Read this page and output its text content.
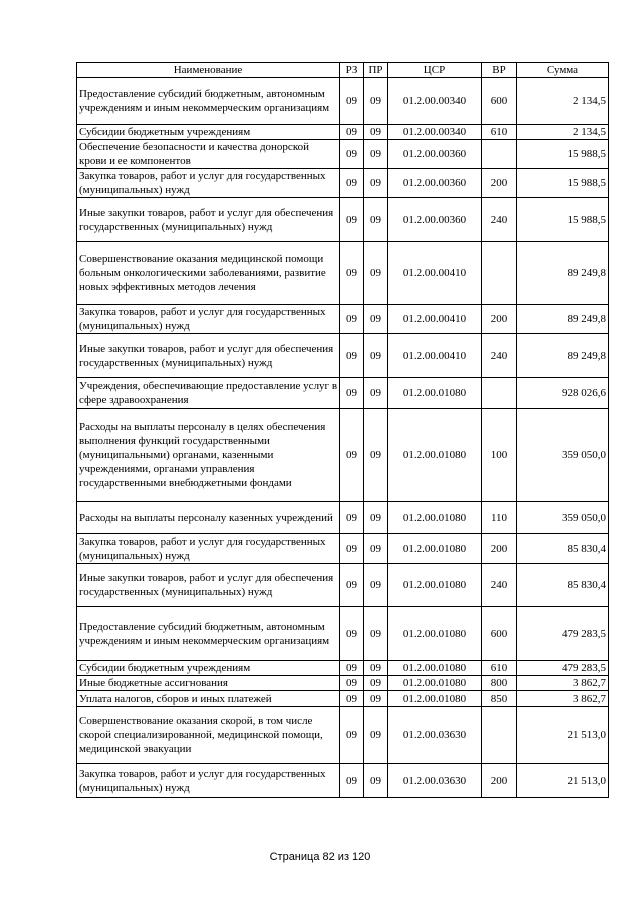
Наименование	РЗ	ПР	ЦСР	ВР	Сумма
Предоставление субсидий бюджетным, автономным учреждениям и иным некоммерческим организациям	09	09	01.2.00.00340	600	2 134,5
Субсидии бюджетным учреждениям	09	09	01.2.00.00340	610	2 134,5
Обеспечение безопасности и качества донорской крови и ее компонентов	09	09	01.2.00.00360		15 988,5
Закупка товаров, работ и услуг для государственных (муниципальных) нужд	09	09	01.2.00.00360	200	15 988,5
Иные закупки товаров, работ и услуг для обеспечения государственных (муниципальных) нужд	09	09	01.2.00.00360	240	15 988,5
Совершенствование оказания медицинской помощи больным онкологическими заболеваниями, развитие новых эффективных методов лечения	09	09	01.2.00.00410		89 249,8
Закупка товаров, работ и услуг для государственных (муниципальных) нужд	09	09	01.2.00.00410	200	89 249,8
Иные закупки товаров, работ и услуг для обеспечения государственных (муниципальных) нужд	09	09	01.2.00.00410	240	89 249,8
Учреждения, обеспечивающие предоставление услуг в сфере здравоохранения	09	09	01.2.00.01080		928 026,6
Расходы на выплаты персоналу в целях обеспечения выполнения функций государственными (муниципальными) органами, казенными учреждениями, органами управления государственными внебюджетными фондами	09	09	01.2.00.01080	100	359 050,0
Расходы на выплаты персоналу казенных учреждений	09	09	01.2.00.01080	110	359 050,0
Закупка товаров, работ и услуг для государственных (муниципальных) нужд	09	09	01.2.00.01080	200	85 830,4
Иные закупки товаров, работ и услуг для обеспечения государственных (муниципальных) нужд	09	09	01.2.00.01080	240	85 830,4
Предоставление субсидий бюджетным, автономным учреждениям и иным некоммерческим организациям	09	09	01.2.00.01080	600	479 283,5
Субсидии бюджетным учреждениям	09	09	01.2.00.01080	610	479 283,5
Иные бюджетные ассигнования	09	09	01.2.00.01080	800	3 862,7
Уплата налогов, сборов и иных платежей	09	09	01.2.00.01080	850	3 862,7
Совершенствование оказания скорой, в том числе скорой специализированной, медицинской помощи, медицинской эвакуации	09	09	01.2.00.03630		21 513,0
Закупка товаров, работ и услуг для государственных (муниципальных) нужд	09	09	01.2.00.03630	200	21 513,0
Страница 82 из 120
